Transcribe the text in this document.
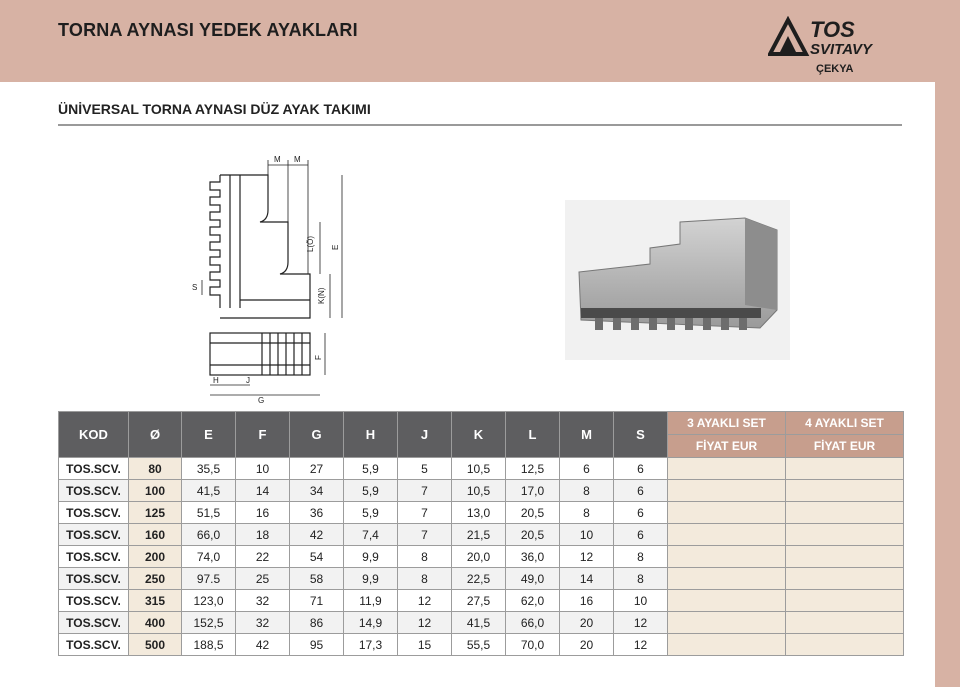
TORNA AYNASI YEDEK AYAKLARI	TOS
SVITAVY
ÇEKYA
ÜNİVERSAL TORNA AYNASI DÜZ AYAK TAKIMI
M M
S
L(Ö)
K(N)
E
F
H	J
G
KOD	Ø	E	F	G	H	J	K	L	M	S	3 AYAKLI SET	4 AYAKLI SET
											FİYAT EUR	FİYAT EUR
TOS.SCV.	80	35,5	10	27	5,9	5	10,5	12,5	6	6		
TOS.SCV.	100	41,5	14	34	5,9	7	10,5	17,0	8	6		
TOS.SCV.	125	51,5	16	36	5,9	7	13,0	20,5	8	6		
TOS.SCV.	160	66,0	18	42	7,4	7	21,5	20,5	10	6		
TOS.SCV.	200	74,0	22	54	9,9	8	20,0	36,0	12	8		
TOS.SCV.	250	97.5	25	58	9,9	8	22,5	49,0	14	8		
TOS.SCV.	315	123,0	32	71	11,9	12	27,5	62,0	16	10		
TOS.SCV.	400	152,5	32	86	14,9	12	41,5	66,0	20	12		
TOS.SCV.	500	188,5	42	95	17,3	15	55,5	70,0	20	12		
